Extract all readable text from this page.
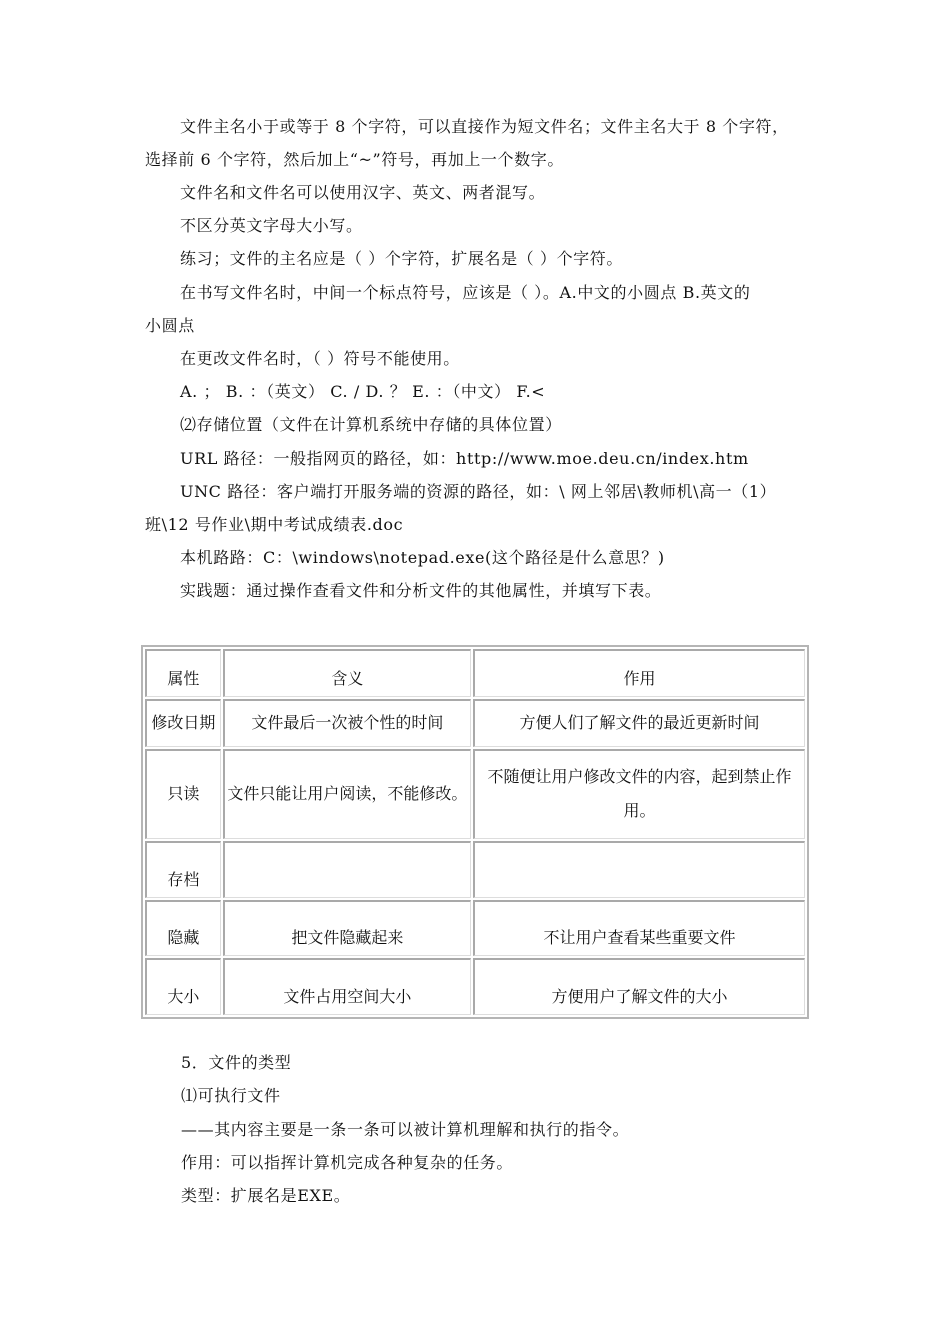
文件主名小于或等于 8 个字符，可以直接作为短文件名；文件主名大于 8 个字符，
选择前 6 个字符，然后加上“~”符号，再加上一个数字。
文件名和文件名可以使用汉字、英文、两者混写。
不区分英文字母大小写。
练习；文件的主名应是（ ）个字符，扩展名是（ ）个字符。
在书写文件名时，中间一个标点符号，应该是（ ）。A.中文的小圆点 B.英文的
小圆点
在更改文件名时，（ ）符号不能使用。
A. ； B. ：（英文） C. / D. ？ E. ：（中文） F.<
⑵存储位置（文件在计算机系统中存储的具体位置）
URL 路径：一般指网页的路径，如：http://www.moe.deu.cn/index.htm
UNC 路径：客户端打开服务端的资源的路径，如：\ 网上邻居\教师机\高一（1）
班\12 号作业\期中考试成绩表.doc
本机路路：C：\windows\notepad.exe(这个路径是什么意思？)
实践题：通过操作查看文件和分析文件的其他属性，并填写下表。
属性	含义	作用
修改日期	文件最后一次被个性的时间	方便人们了解文件的最近更新时间
只读	文件只能让用户阅读，不能修改。	不随便让用户修改文件的内容，起到禁止作用。
存档		
隐藏	把文件隐藏起来	不让用户查看某些重要文件
大小	文件占用空间大小	方便用户了解文件的大小
5．文件的类型
⑴可执行文件
——其内容主要是一条一条可以被计算机理解和执行的指令。
作用：可以指挥计算机完成各种复杂的任务。
类型：扩展名是EXE。
